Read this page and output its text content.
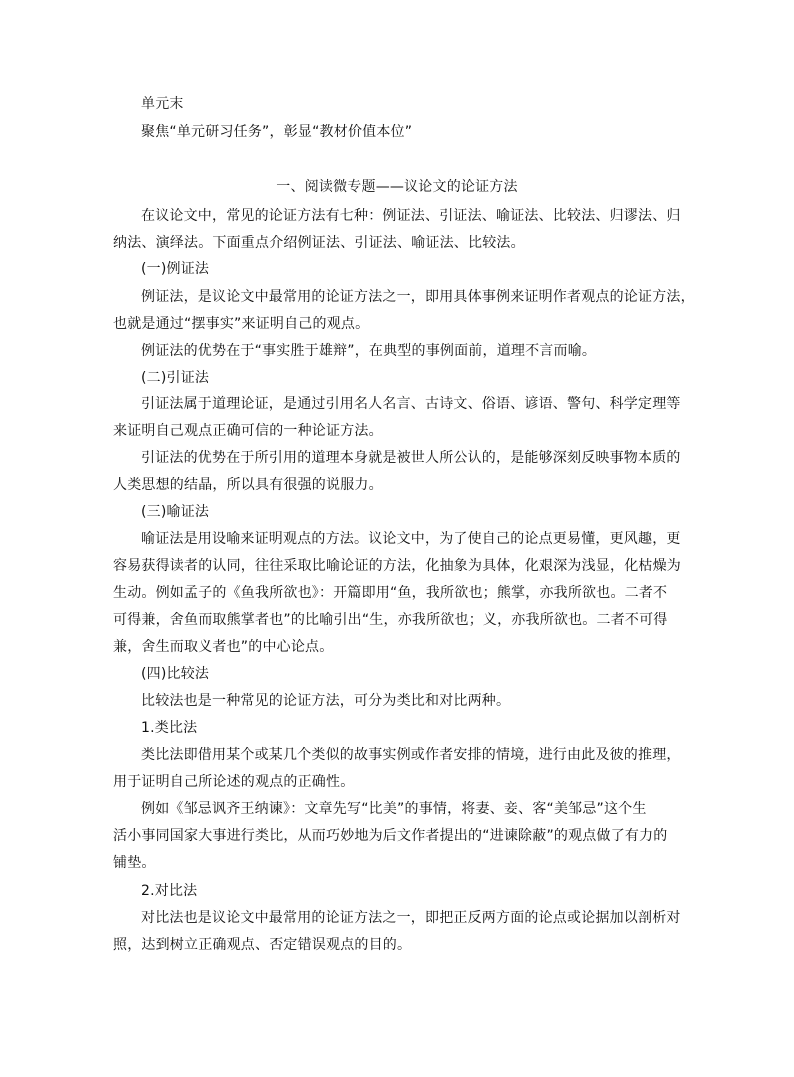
单元末
聚焦“单元研习任务”，彰显“教材价值本位”
一、阅读微专题——议论文的论证方法
在议论文中，常见的论证方法有七种：例证法、引证法、喻证法、比较法、归谬法、归
纳法、演绎法。下面重点介绍例证法、引证法、喻证法、比较法。
(一)例证法
例证法，是议论文中最常用的论证方法之一，即用具体事例来证明作者观点的论证方法，
也就是通过“摆事实”来证明自己的观点。
例证法的优势在于“事实胜于雄辩”，在典型的事例面前，道理不言而喻。
(二)引证法
引证法属于道理论证，是通过引用名人名言、古诗文、俗语、谚语、警句、科学定理等
来证明自己观点正确可信的一种论证方法。
引证法的优势在于所引用的道理本身就是被世人所公认的，是能够深刻反映事物本质的
人类思想的结晶，所以具有很强的说服力。
(三)喻证法
喻证法是用设喻来证明观点的方法。议论文中，为了使自己的论点更易懂，更风趣，更
容易获得读者的认同，往往采取比喻论证的方法，化抽象为具体，化艰深为浅显，化枯燥为
生动。例如孟子的《鱼我所欲也》：开篇即用“鱼，我所欲也；熊掌，亦我所欲也。二者不
可得兼，舍鱼而取熊掌者也”的比喻引出“生，亦我所欲也；义，亦我所欲也。二者不可得
兼，舍生而取义者也”的中心论点。
(四)比较法
比较法也是一种常见的论证方法，可分为类比和对比两种。
1.类比法
类比法即借用某个或某几个类似的故事实例或作者安排的情境，进行由此及彼的推理，
用于证明自己所论述的观点的正确性。
例如《邹忌讽齐王纳谏》：文章先写“比美”的事情，将妻、妾、客“美邹忌”这个生
活小事同国家大事进行类比，从而巧妙地为后文作者提出的“进谏除蔽”的观点做了有力的
铺垫。
2.对比法
对比法也是议论文中最常用的论证方法之一，即把正反两方面的论点或论据加以剖析对
照，达到树立正确观点、否定错误观点的目的。
